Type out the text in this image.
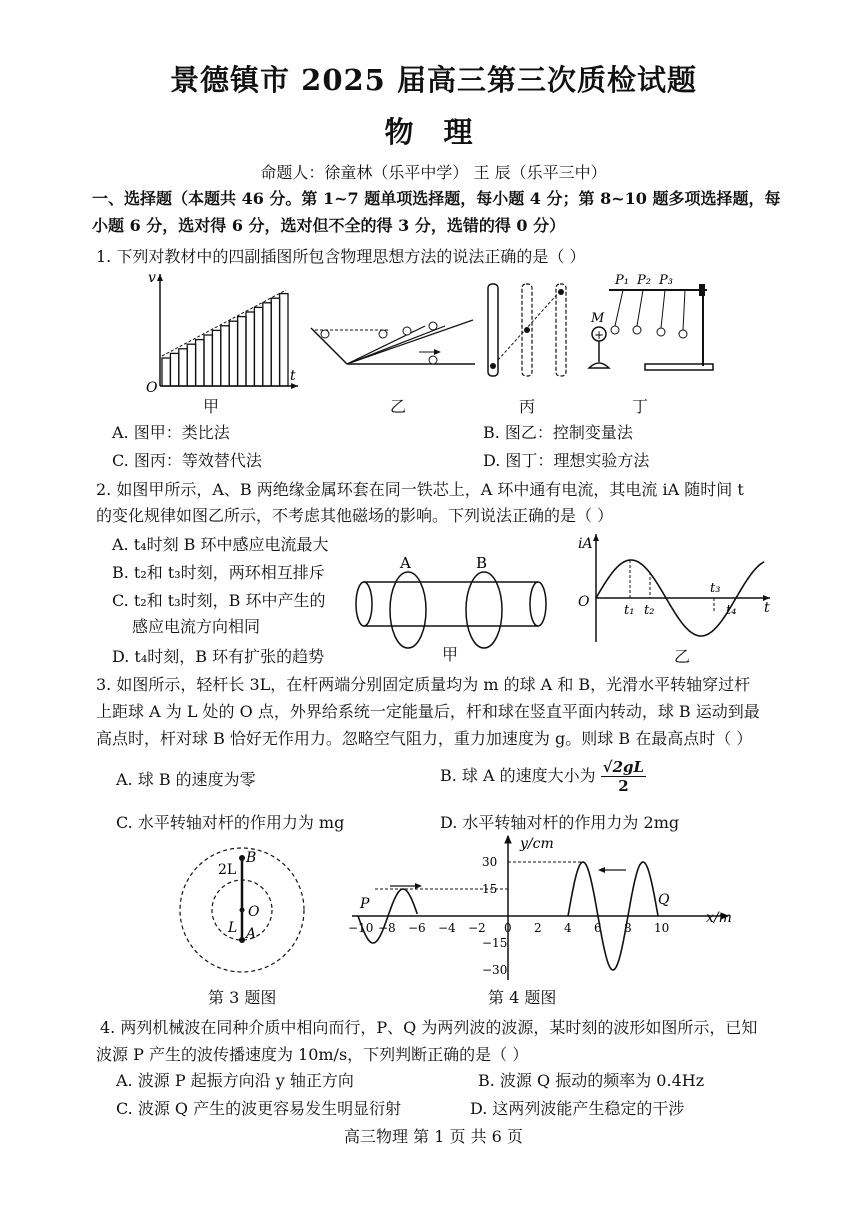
景德镇市 2025 届高三第三次质检试题
物 理
命题人：徐童林（乐平中学） 王 辰（乐平三中）
一、选择题（本题共 46 分。第 1~7 题单项选择题，每小题 4 分；第 8~10 题多项选择题，每
小题 6 分，选对得 6 分，选对但不全的得 3 分，选错的得 0 分）
1. 下列对教材中的四副插图所包含物理思想方法的说法正确的是（ ）
v
t
O
甲	乙	丙
+
P₁ P₂ P₃
M
丁
A. 图甲：类比法	B. 图乙：控制变量法
C. 图丙：等效替代法	D. 图丁：理想实验方法
2. 如图甲所示，A、B 两绝缘金属环套在同一铁芯上，A 环中通有电流，其电流 iA 随时间 t
的变化规律如图乙所示，不考虑其他磁场的影响。下列说法正确的是（ ）
A. t₄时刻 B 环中感应电流最大
B. t₂和 t₃时刻，两环相互排斥
C. t₂和 t₃时刻，B 环中产生的
感应电流方向相同
D. t₄时刻，B 环有扩张的趋势
A	B
甲
iA
O	t
t₁ t₂
t₃
t₄
乙
3. 如图所示，轻杆长 3L，在杆两端分别固定质量均为 m 的球 A 和 B，光滑水平转轴穿过杆
上距球 A 为 L 处的 O 点，外界给系统一定能量后，杆和球在竖直平面内转动，球 B 运动到最
高点时，杆对球 B 恰好无作用力。忽略空气阻力，重力加速度为 g。则球 B 在最高点时（ ）
A. 球 B 的速度为零	B. 球 A 的速度大小为 $\frac{√2gL}{2}$
C. 水平转轴对杆的作用力为 mg	D. 水平转轴对杆的作用力为 2mg
B
O
A
2L
L
第 3 题图
−10 −8 −6 −4 −2 0 2 4 6 8 10
30
15
−15
−30
y/cm
x/m
P	Q
第 4 题图
4. 两列机械波在同种介质中相向而行，P、Q 为两列波的波源，某时刻的波形如图所示，已知
波源 P 产生的波传播速度为 10m/s，下列判断正确的是（ ）
A. 波源 P 起振方向沿 y 轴正方向	B. 波源 Q 振动的频率为 0.4Hz
C. 波源 Q 产生的波更容易发生明显衍射	D. 这两列波能产生稳定的干涉
高三物理 第 1 页 共 6 页
